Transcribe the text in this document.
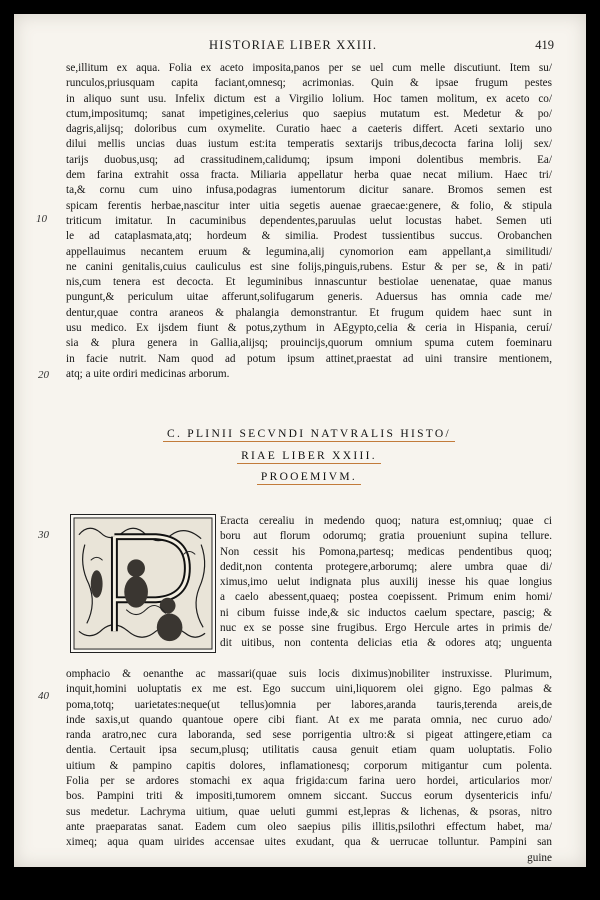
HISTORIAE LIBER XXIII.	419
se,illitum ex aqua. Folia ex aceto imposita,panos per se uel cum melle discutiunt. Item su/
runculos,priusquam capita faciant,omnesq; acrimonias. Quin & ipsae frugum pestes
in aliquo sunt usu. Infelix dictum est a Virgilio lolium. Hoc tamen molitum, ex aceto co/
ctum,impositumq; sanat impetigines,celerius quo saepius mutatum est. Medetur & po/
dagris,alijsq; doloribus cum oxymelite. Curatio haec a caeteris differt. Aceti sextario uno
dilui mellis uncias duas iustum est:ita temperatis sextarijs tribus,decocta farina lolij sex/
tarijs duobus,usq; ad crassitudinem,calidumq; ipsum imponi dolentibus membris. Ea/
dem farina extrahit ossa fracta. Miliaria appellatur herba quae necat milium. Haec tri/
ta,& cornu cum uino infusa,podagras iumentorum dicitur sanare. Bromos semen est
spicam ferentis herbae,nascitur inter uitia segetis auenae graecae:genere, & folio, & stipula
triticum imitatur. In cacuminibus dependentes,paruulas uelut locustas habet. Semen uti
le ad cataplasmata,atq; hordeum & similia. Prodest tussientibus succus. Orobanchen
appellauimus necantem eruum & legumina,alij cynomorion eam appellant,a similitudi/
ne canini genitalis,cuius cauliculus est sine folijs,pinguis,rubens. Estur & per se, & in pati/
nis,cum tenera est decocta. Et leguminibus innascuntur bestiolae uenenatae, quae manus
pungunt,& periculum uitae afferunt,solifugarum generis. Aduersus has omnia cade me/
dentur,quae contra araneos & phalangia demonstrantur. Et frugum quidem haec sunt in
usu medico. Ex ijsdem fiunt & potus,zythum in AEgypto,celia & ceria in Hispania, ceruí/
sia & plura genera in Gallia,alijsq; prouincijs,quorum omnium spuma cutem foeminaru
in facie nutrit. Nam quod ad potum ipsum attinet,praestat ad uini transire mentionem,
atq; a uite ordiri medicinas arborum.
10
20
30
40
C. PLINII SECVNDI NATVRALIS HISTO/
RIAE LIBER XXIII.
PROOEMIVM.
Eracta cerealiu in medendo quoq; natura est,omniuq; quae ci
boru aut florum odorumq; gratia proueniunt supina tellure.
Non cessit his Pomona,partesq; medicas pendentibus quoq;
dedit,non contenta protegere,arborumq; alere umbra quae di/
ximus,imo uelut indignata plus auxilij inesse his quae longius
a caelo abessent,quaeq; postea coepissent. Primum enim homi/
ni cibum fuisse inde,& sic inductos caelum spectare, pascig; &
nuc ex se posse sine frugibus. Ergo Hercule artes in primis de/
dit uitibus, non contenta delicias etia & odores atq; unguenta
omphacio & oenanthe ac massari(quae suis locis diximus)nobiliter instruxisse. Plurimum,
inquit,homini uoluptatis ex me est. Ego succum uini,liquorem olei gigno. Ego palmas &
poma,totq; uarietates:neque(ut tellus)omnia per labores,aranda tauris,terenda areis,de
inde saxis,ut quando quantoue opere cibi fiant. At ex me parata omnia, nec curuo ado/
randa aratro,nec cura laboranda, sed sese porrigentia ultro:& si pigeat attingere,etiam ca
dentia. Certauit ipsa secum,plusq; utilitatis causa genuit etiam quam uoluptatis. Folio
uitium & pampino capitis dolores, inflamationesq; corporum mitigantur cum polenta.
Folia per se ardores stomachi ex aqua frigida:cum farina uero hordei, articularios mor/
bos. Pampini triti & impositi,tumorem omnem siccant. Succus eorum dysentericis infu/
sus medetur. Lachryma uitium, quae ueluti gummi est,lepras & lichenas, & psoras, nitro
ante praeparatas sanat. Eadem cum oleo saepius pilis illitis,psilothri effectum habet, ma/
ximeq; aqua quam uirides accensae uites exudant, qua & uerrucae tolluntur. Pampini san
guine
